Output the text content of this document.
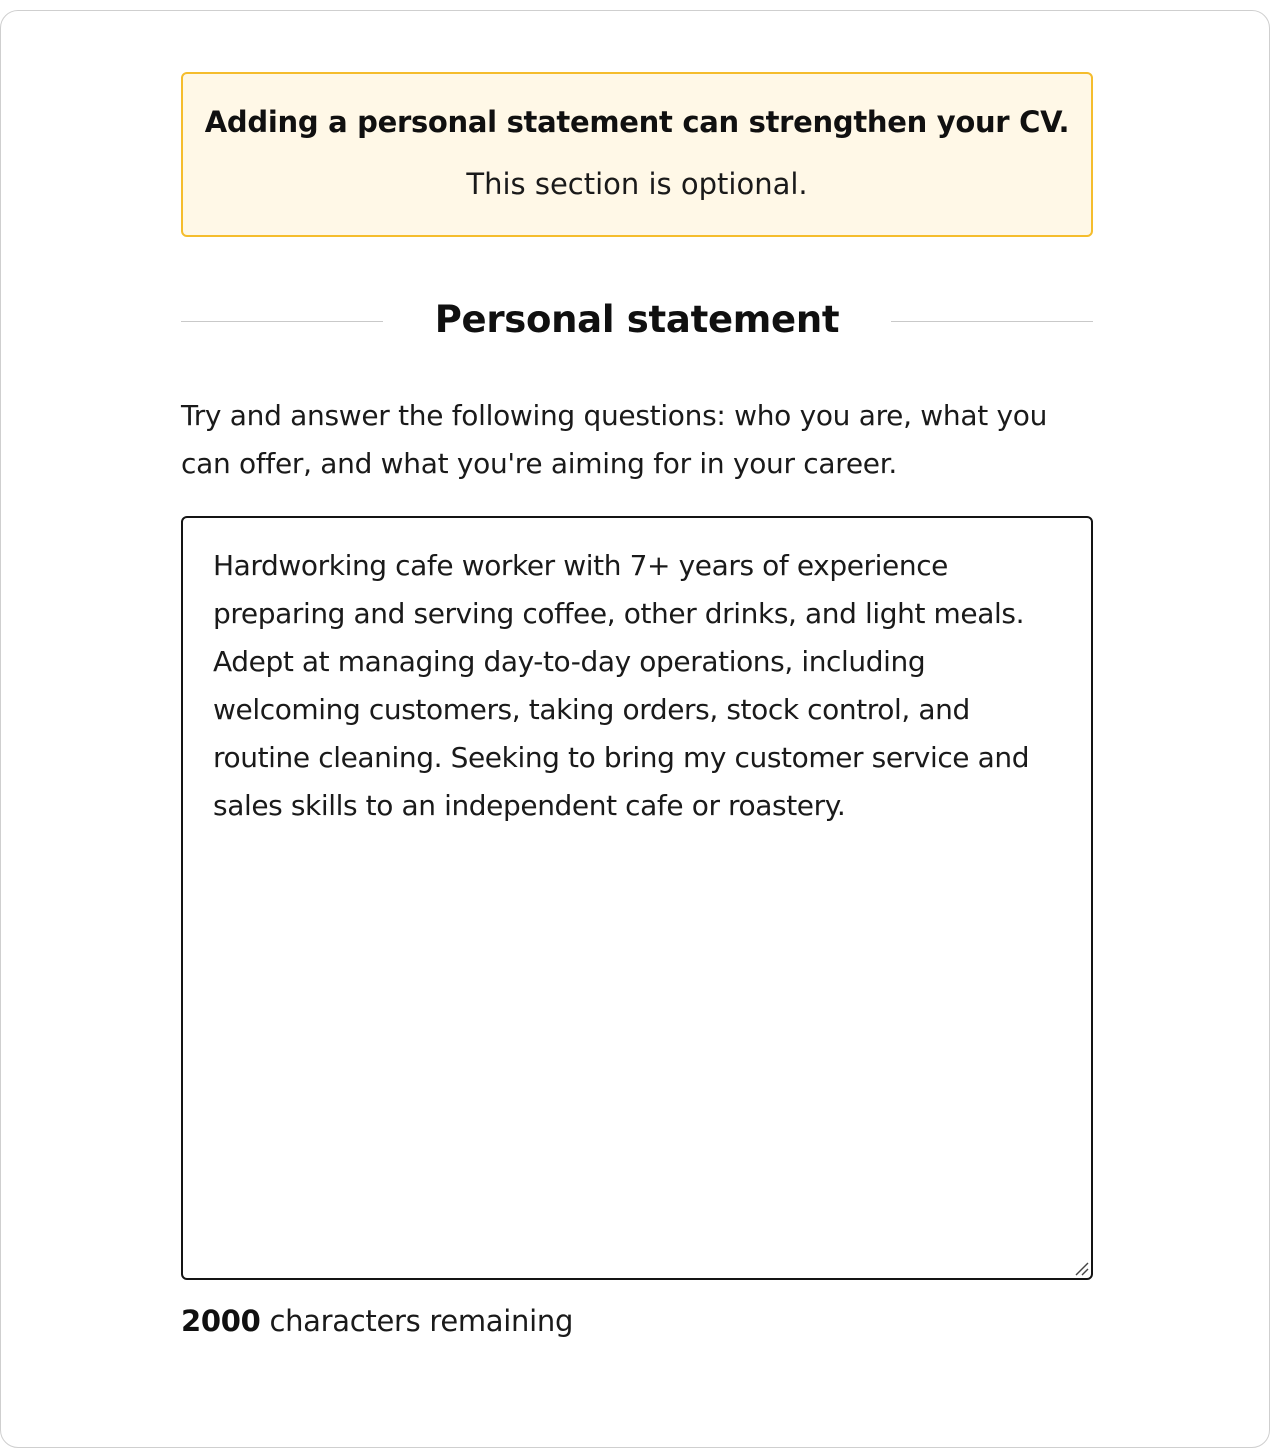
Adding a personal statement can strengthen your CV.
This section is optional.
Personal statement
Try and answer the following questions: who you are, what you can offer, and what you're aiming for in your career.
Hardworking cafe worker with 7+ years of experience preparing and serving coffee, other drinks, and light meals. Adept at managing day-to-day operations, including welcoming customers, taking orders, stock control, and routine cleaning. Seeking to bring my customer service and sales skills to an independent cafe or roastery.
2000 characters remaining
